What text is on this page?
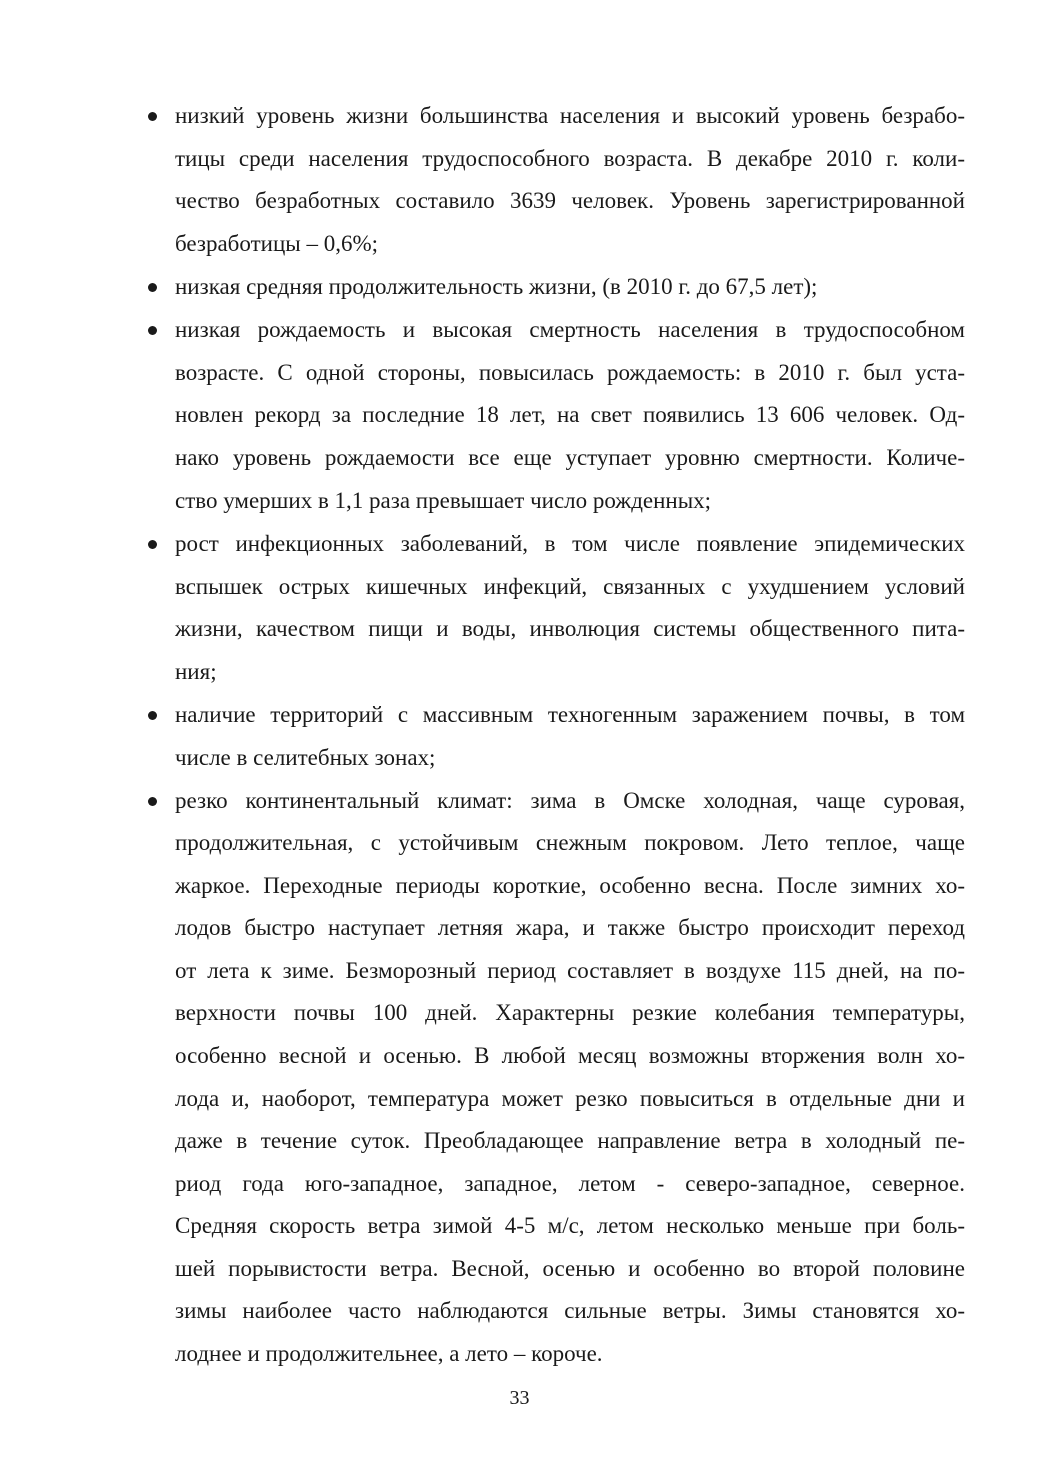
низкий уровень жизни большинства населения и высокий уровень безрабо-
тицы среди населения трудоспособного возраста. В декабре 2010 г. коли-
чество безработных составило 3639 человек. Уровень зарегистрированной
безработицы – 0,6%;
низкая средняя продолжительность жизни, (в 2010 г. до 67,5 лет);
низкая рождаемость и высокая смертность населения в трудоспособном
возрасте. С одной стороны, повысилась рождаемость: в 2010 г. был уста-
новлен рекорд за последние 18 лет, на свет появились 13 606 человек. Од-
нако уровень рождаемости все еще уступает уровню смертности. Количе-
ство умерших в 1,1 раза превышает число рожденных;
рост инфекционных заболеваний, в том числе появление эпидемических
вспышек острых кишечных инфекций, связанных с ухудшением условий
жизни, качеством пищи и воды, инволюция системы общественного пита-
ния;
наличие территорий с массивным техногенным заражением почвы, в том
числе в селитебных зонах;
резко континентальный климат: зима в Омске холодная, чаще суровая,
продолжительная, с устойчивым снежным покровом. Лето теплое, чаще
жаркое. Переходные периоды короткие, особенно весна. После зимних хо-
лодов быстро наступает летняя жара, и также быстро происходит переход
от лета к зиме. Безморозный период составляет в воздухе 115 дней, на по-
верхности почвы 100 дней. Характерны резкие колебания температуры,
особенно весной и осенью. В любой месяц возможны вторжения волн хо-
лода и, наоборот, температура может резко повыситься в отдельные дни и
даже в течение суток. Преобладающее направление ветра в холодный пе-
риод года юго-западное, западное, летом - северо-западное, северное.
Средняя скорость ветра зимой 4-5 м/с, летом несколько меньше при боль-
шей порывистости ветра. Весной, осенью и особенно во второй половине
зимы наиболее часто наблюдаются сильные ветры. Зимы становятся хо-
лоднее и продолжительнее, а лето – короче.
33
